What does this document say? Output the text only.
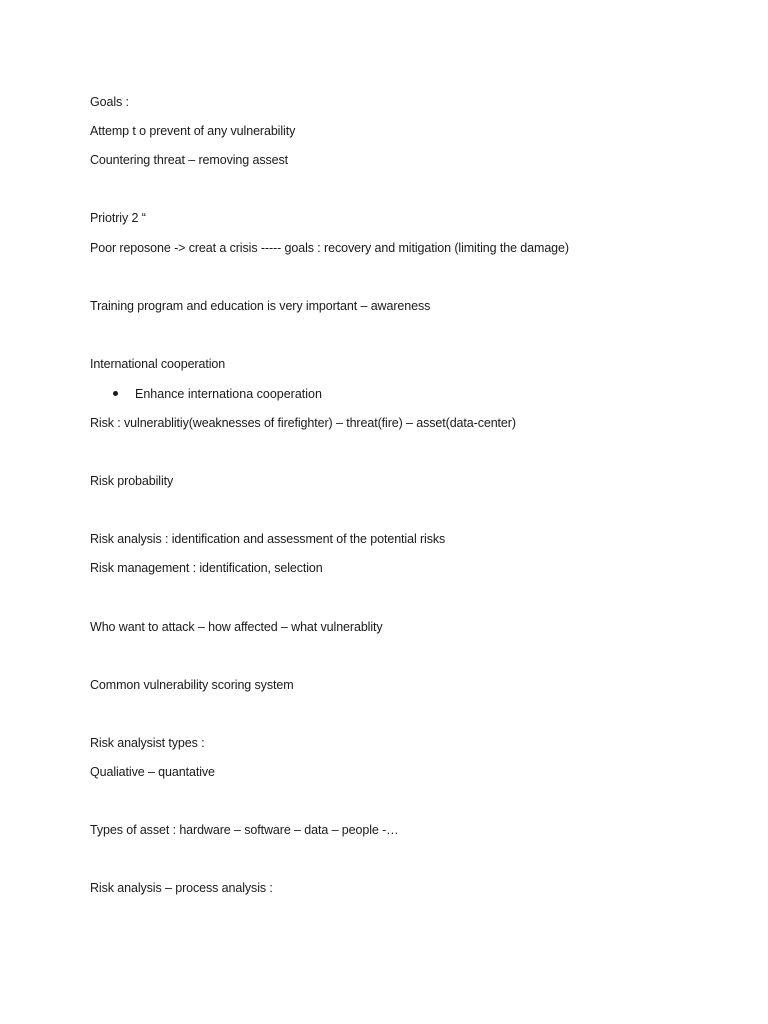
Goals :
Attemp t o prevent of any vulnerability
Countering threat – removing assest
Priotriy 2 “
Poor reposone -> creat a crisis ----- goals : recovery and mitigation (limiting the damage)
Training program and education is very important – awareness
International cooperation
Enhance internationa cooperation
Risk : vulnerablitiy(weaknesses of firefighter) – threat(fire) – asset(data-center)
Risk probability
Risk analysis : identification and assessment of the potential risks
Risk management : identification, selection
Who want to attack – how affected – what vulnerablity
Common vulnerability scoring system
Risk analysist types :
Qualiative – quantative
Types of asset : hardware – software – data – people -…
Risk analysis – process analysis :
